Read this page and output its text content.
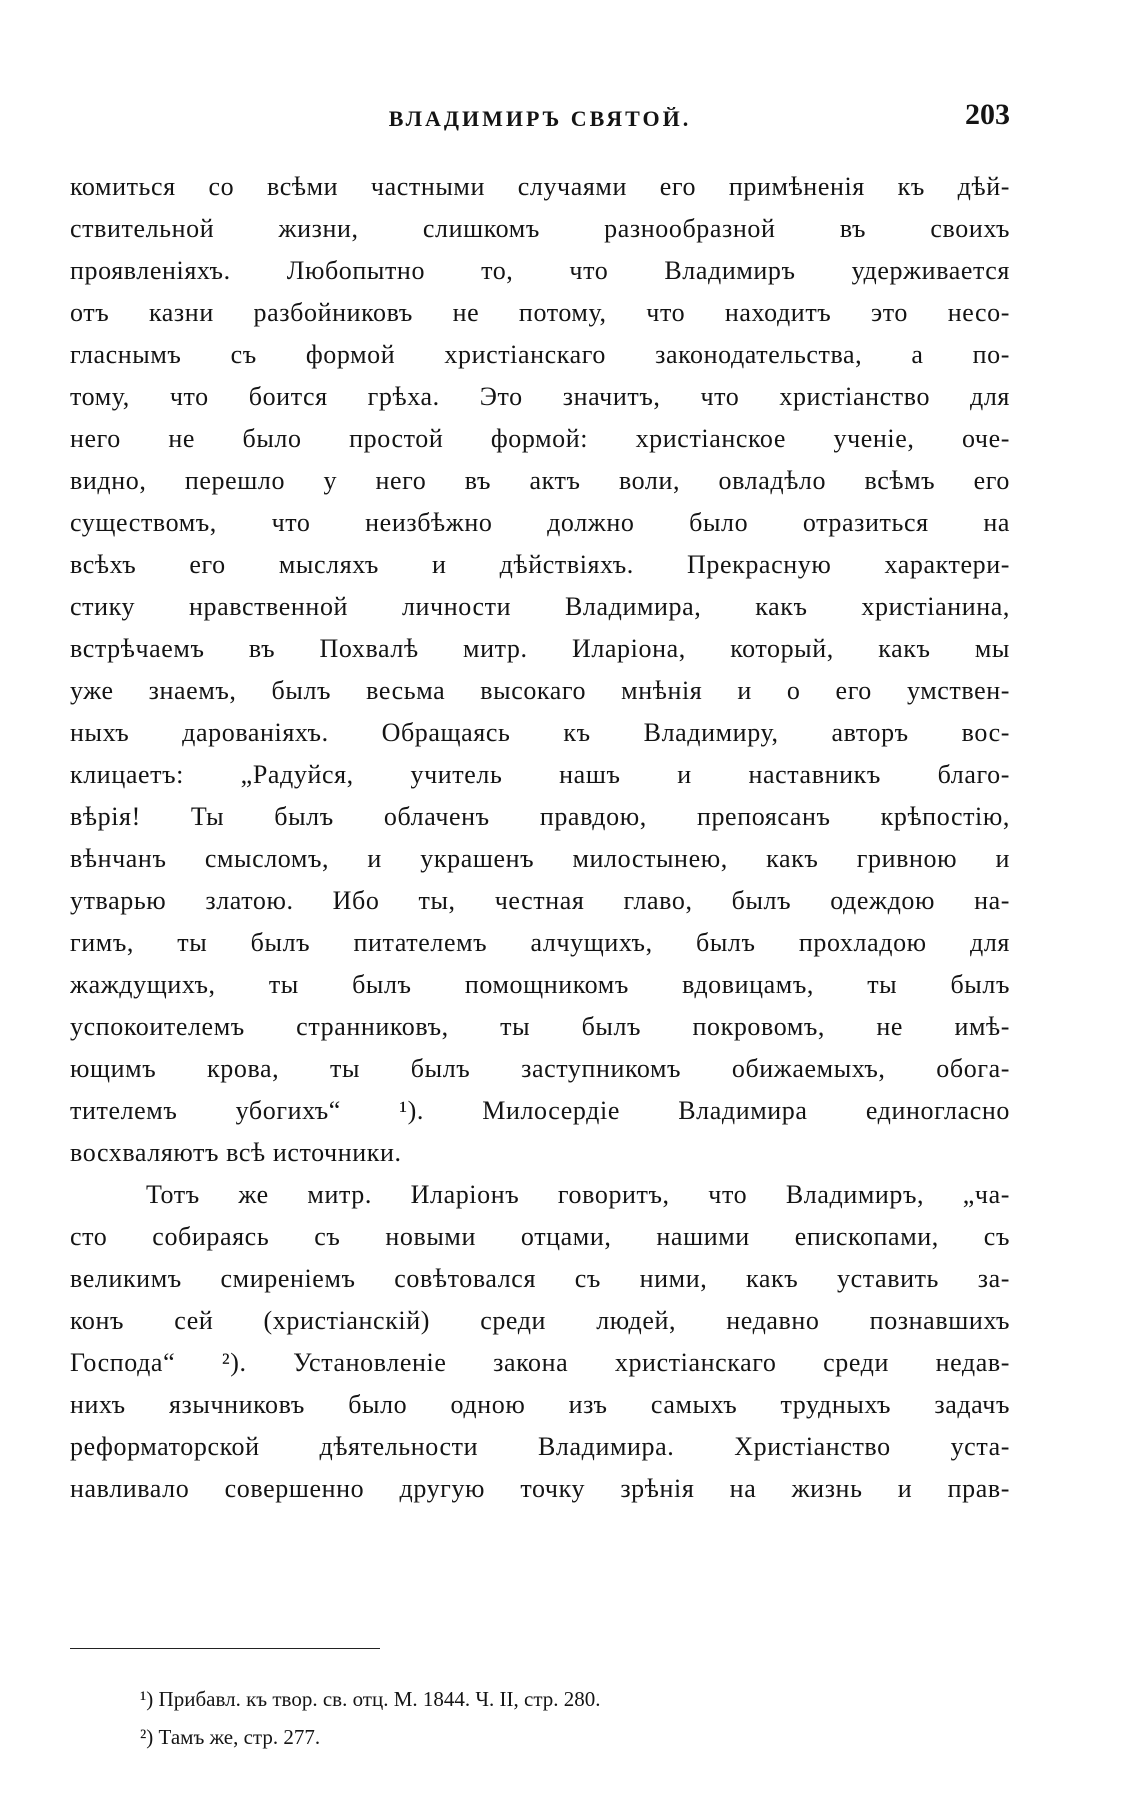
ВЛАДИМИРЪ СВЯТОЙ.	203
комиться со всѣми частными случаями его примѣненія къ дѣй-
ствительной жизни, слишкомъ разнообразной въ своихъ
проявленіяхъ. Любопытно то, что Владимиръ удерживается
отъ казни разбойниковъ не потому, что находитъ это несо-
гласнымъ съ формой христіанскаго законодательства, а по-
тому, что боится грѣха. Это значитъ, что христіанство для
него не было простой формой: христіанское ученіе, оче-
видно, перешло у него въ актъ воли, овладѣло всѣмъ его
существомъ, что неизбѣжно должно было отразиться на
всѣхъ его мысляхъ и дѣйствіяхъ. Прекрасную характери-
стику нравственной личности Владимира, какъ христіанина,
встрѣчаемъ въ Похвалѣ митр. Иларіона, который, какъ мы
уже знаемъ, былъ весьма высокаго мнѣнія и о его умствен-
ныхъ дарованіяхъ. Обращаясь къ Владимиру, авторъ вос-
клицаетъ: „Радуйся, учитель нашъ и наставникъ благо-
вѣрія! Ты былъ облаченъ правдою, препоясанъ крѣпостію,
вѣнчанъ смысломъ, и украшенъ милостынею, какъ гривною и
утварью златою. Ибо ты, честная главо, былъ одеждою на-
гимъ, ты былъ питателемъ алчущихъ, былъ прохладою для
жаждущихъ, ты былъ помощникомъ вдовицамъ, ты былъ
успокоителемъ странниковъ, ты былъ покровомъ, не имѣ-
ющимъ крова, ты былъ заступникомъ обижаемыхъ, обога-
тителемъ убогихъ“ ¹). Милосердіе Владимира единогласно
восхваляютъ всѣ источники.
Тотъ же митр. Иларіонъ говоритъ, что Владимиръ, „ча-
сто собираясь съ новыми отцами, нашими епископами, съ
великимъ смиреніемъ совѣтовался съ ними, какъ уставить за-
конъ сей (христіанскій) среди людей, недавно познавшихъ
Господа“ ²). Установленіе закона христіанскаго среди недав-
нихъ язычниковъ было одною изъ самыхъ трудныхъ задачъ
реформаторской дѣятельности Владимира. Христіанство уста-
навливало совершенно другую точку зрѣнія на жизнь и прав-
¹) Прибавл. къ твор. св. отц. М. 1844. Ч. II, стр. 280.
²) Тамъ же, стр. 277.
